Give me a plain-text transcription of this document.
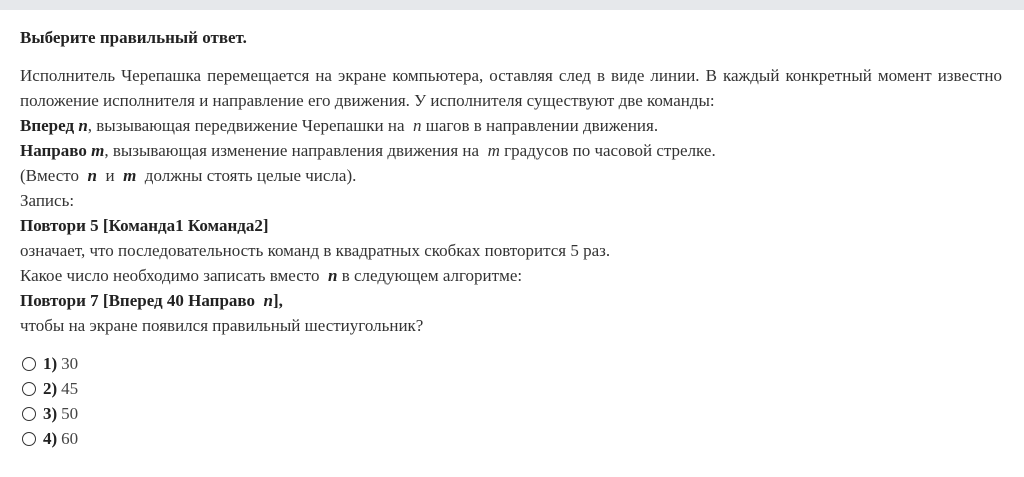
Выберите правильный ответ.

Исполнитель Черепашка перемещается на экране компьютера, оставляя след в виде линии. В каждый конкретный момент известно положение исполнителя и направление его движения. У исполнителя существуют две команды:

Вперед n, вызывающая передвижение Черепашки на n шагов в направлении движения.

Направо m, вызывающая изменение направления движения на m градусов по часовой стрелке.

(Вместо n и m должны стоять целые числа).

Запись:

Повтори 5 [Команда1 Команда2]

означает, что последовательность команд в квадратных скобках повторится 5 раз.

Какое число необходимо записать вместо n в следующем алгоритме:

Повтори 7 [Вперед 40 Направо n],

чтобы на экране появился правильный шестиугольник?

1) 30
2) 45
3) 50
4) 60
